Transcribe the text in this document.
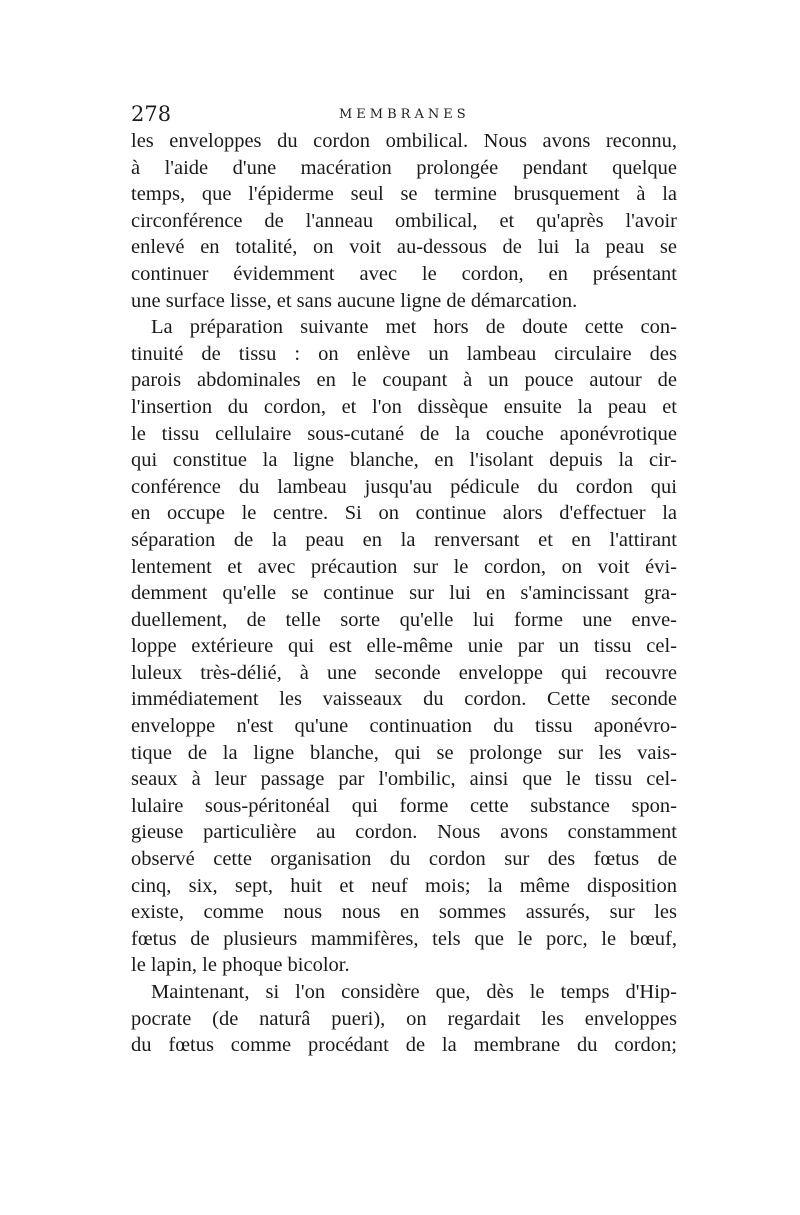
278	MEMBRANES
les enveloppes du cordon ombilical. Nous avons reconnu,
à l'aide d'une macération prolongée pendant quelque
temps, que l'épiderme seul se termine brusquement à la
circonférence de l'anneau ombilical, et qu'après l'avoir
enlevé en totalité, on voit au-dessous de lui la peau se
continuer évidemment avec le cordon, en présentant
une surface lisse, et sans aucune ligne de démarcation.
La préparation suivante met hors de doute cette con-
tinuité de tissu : on enlève un lambeau circulaire des
parois abdominales en le coupant à un pouce autour de
l'insertion du cordon, et l'on dissèque ensuite la peau et
le tissu cellulaire sous-cutané de la couche aponévrotique
qui constitue la ligne blanche, en l'isolant depuis la cir-
conférence du lambeau jusqu'au pédicule du cordon qui
en occupe le centre. Si on continue alors d'effectuer la
séparation de la peau en la renversant et en l'attirant
lentement et avec précaution sur le cordon, on voit évi-
demment qu'elle se continue sur lui en s'amincissant gra-
duellement, de telle sorte qu'elle lui forme une enve-
loppe extérieure qui est elle-même unie par un tissu cel-
luleux très-délié, à une seconde enveloppe qui recouvre
immédiatement les vaisseaux du cordon. Cette seconde
enveloppe n'est qu'une continuation du tissu aponévro-
tique de la ligne blanche, qui se prolonge sur les vais-
seaux à leur passage par l'ombilic, ainsi que le tissu cel-
lulaire sous-péritonéal qui forme cette substance spon-
gieuse particulière au cordon. Nous avons constamment
observé cette organisation du cordon sur des fœtus de
cinq, six, sept, huit et neuf mois; la même disposition
existe, comme nous nous en sommes assurés, sur les
fœtus de plusieurs mammifères, tels que le porc, le bœuf,
le lapin, le phoque bicolor.
Maintenant, si l'on considère que, dès le temps d'Hip-
pocrate (de naturâ pueri), on regardait les enveloppes
du fœtus comme procédant de la membrane du cordon;
